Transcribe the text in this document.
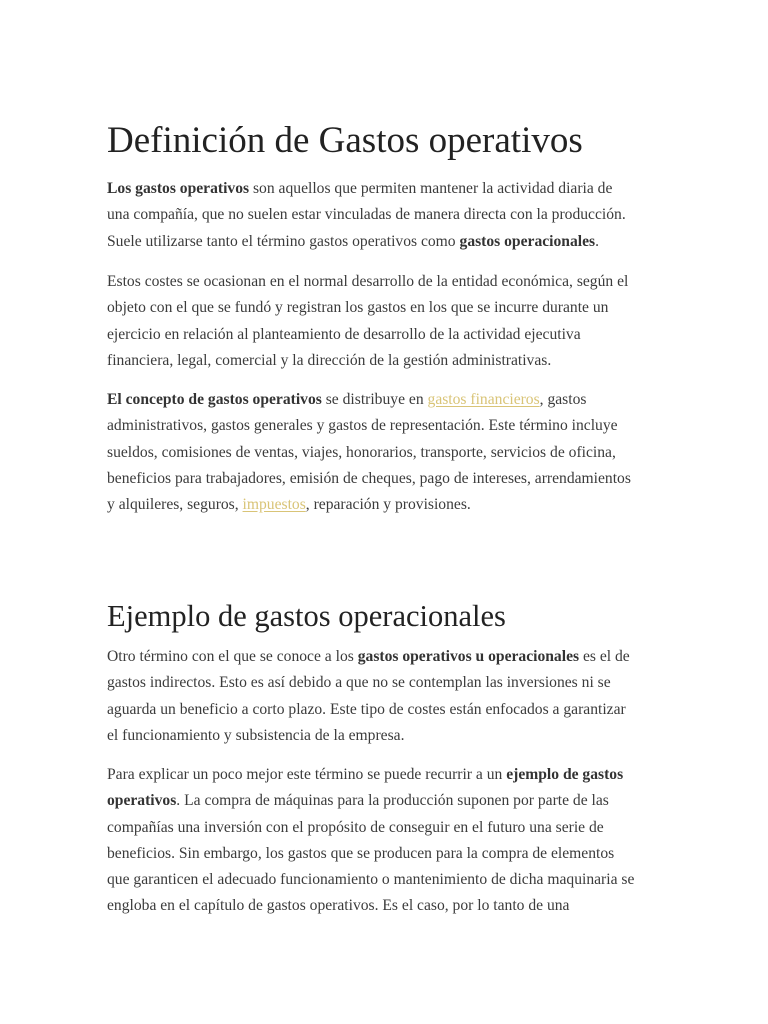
Definición de Gastos operativos

Los gastos operativos son aquellos que permiten mantener la actividad diaria de
una compañía, que no suelen estar vinculadas de manera directa con la producción.
Suele utilizarse tanto el término gastos operativos como gastos operacionales.

Estos costes se ocasionan en el normal desarrollo de la entidad económica, según el
objeto con el que se fundó y registran los gastos en los que se incurre durante un
ejercicio en relación al planteamiento de desarrollo de la actividad ejecutiva
financiera, legal, comercial y la dirección de la gestión administrativas.

El concepto de gastos operativos se distribuye en gastos financieros, gastos
administrativos, gastos generales y gastos de representación. Este término incluye
sueldos, comisiones de ventas, viajes, honorarios, transporte, servicios de oficina,
beneficios para trabajadores, emisión de cheques, pago de intereses, arrendamientos
y alquileres, seguros, impuestos, reparación y provisiones.

Ejemplo de gastos operacionales

Otro término con el que se conoce a los gastos operativos u operacionales es el de
gastos indirectos. Esto es así debido a que no se contemplan las inversiones ni se
aguarda un beneficio a corto plazo. Este tipo de costes están enfocados a garantizar
el funcionamiento y subsistencia de la empresa.

Para explicar un poco mejor este término se puede recurrir a un ejemplo de gastos
operativos. La compra de máquinas para la producción suponen por parte de las
compañías una inversión con el propósito de conseguir en el futuro una serie de
beneficios. Sin embargo, los gastos que se producen para la compra de elementos
que garanticen el adecuado funcionamiento o mantenimiento de dicha maquinaria se
engloba en el capítulo de gastos operativos. Es el caso, por lo tanto de una
